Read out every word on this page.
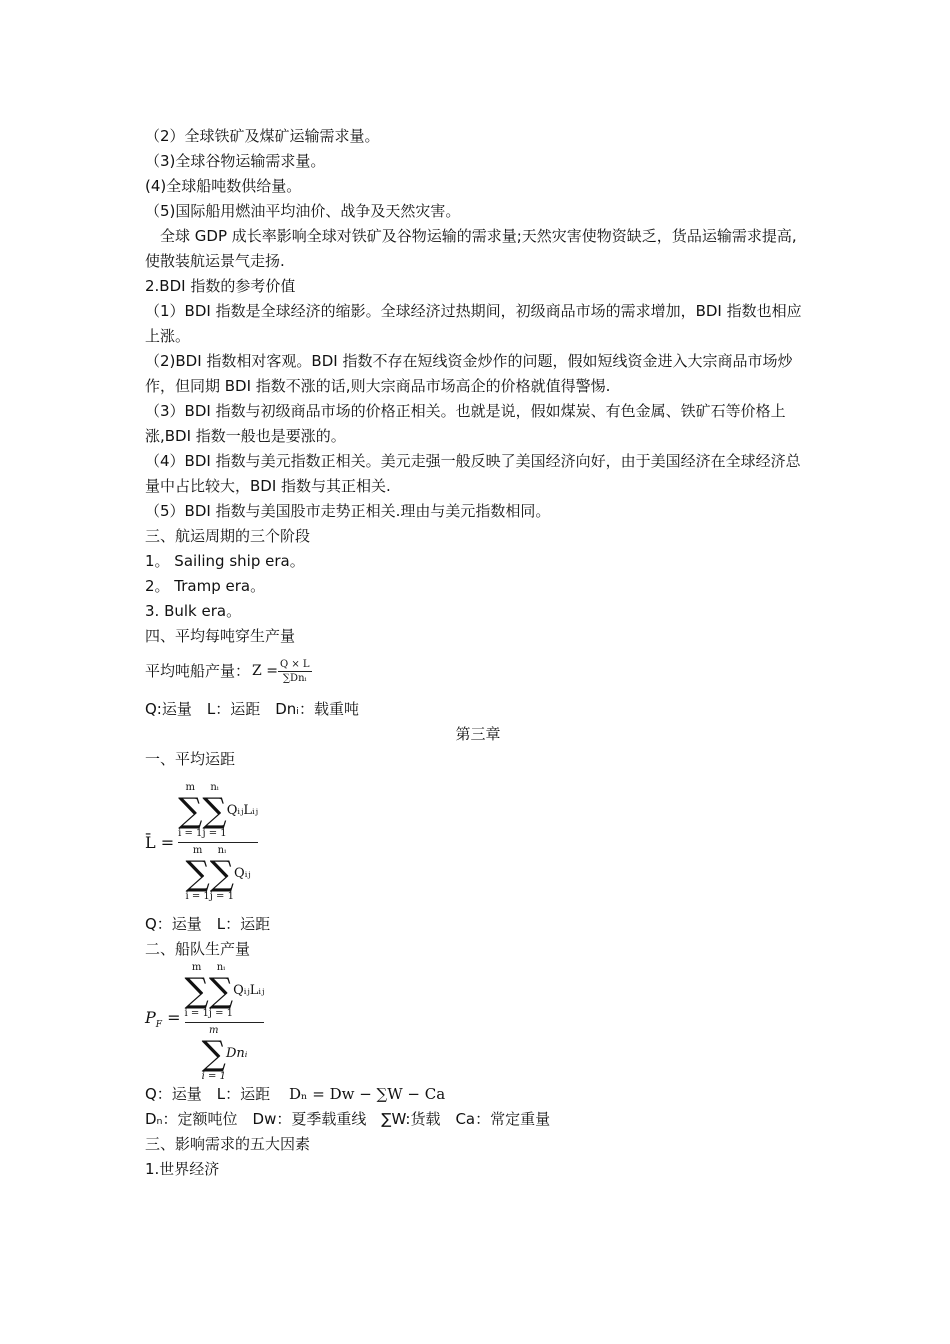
（2）全球铁矿及煤矿运输需求量。

（3)全球谷物运输需求量。

(4)全球船吨数供给量。

（5)国际船用燃油平均油价、战争及天然灾害。

全球 GDP 成长率影响全球对铁矿及谷物运输的需求量;天然灾害使物资缺乏，货品运输需求提高,使散装航运景气走扬.

2.BDI 指数的参考价值

（1）BDI 指数是全球经济的缩影。全球经济过热期间，初级商品市场的需求增加，BDI 指数也相应上涨。

（2)BDI 指数相对客观。BDI 指数不存在短线资金炒作的问题，假如短线资金进入大宗商品市场炒作，但同期 BDI 指数不涨的话,则大宗商品市场高企的价格就值得警惕.

（3）BDI 指数与初级商品市场的价格正相关。也就是说，假如煤炭、有色金属、铁矿石等价格上涨,BDI 指数一般也是要涨的。

（4）BDI 指数与美元指数正相关。美元走强一般反映了美国经济向好，由于美国经济在全球经济总量中占比较大，BDI 指数与其正相关.

（5）BDI 指数与美国股市走势正相关.理由与美元指数相同。

三、航运周期的三个阶段

1。 Sailing ship era。

2。 Tramp era。

3. Bulk era。

四、平均每吨穿生产量

平均吨船产量： $Z = \frac{Q \times L}{\text{∑Dnᵢ}}$

Q:运量　L：运距　Dnᵢ：载重吨

第三章

一、平均运距

L̄ =
m
∑
i = 1
nᵢ
∑
j = 1
QᵢⱼLᵢⱼ
m
∑
i = 1
nᵢ
∑
j = 1
Qᵢⱼ

Q：运量　L：运距

二、船队生产量

$P_F$ =
m
∑
i = 1
nᵢ
∑
j = 1
QᵢⱼLᵢⱼ
m
∑
i = 1
Dnᵢ

Q：运量　L：运距 Dₙ = Dw − ∑W − Ca

Dₙ：定额吨位　Dw：夏季载重线　∑W:货载　Ca：常定重量

三、影响需求的五大因素

1.世界经济
